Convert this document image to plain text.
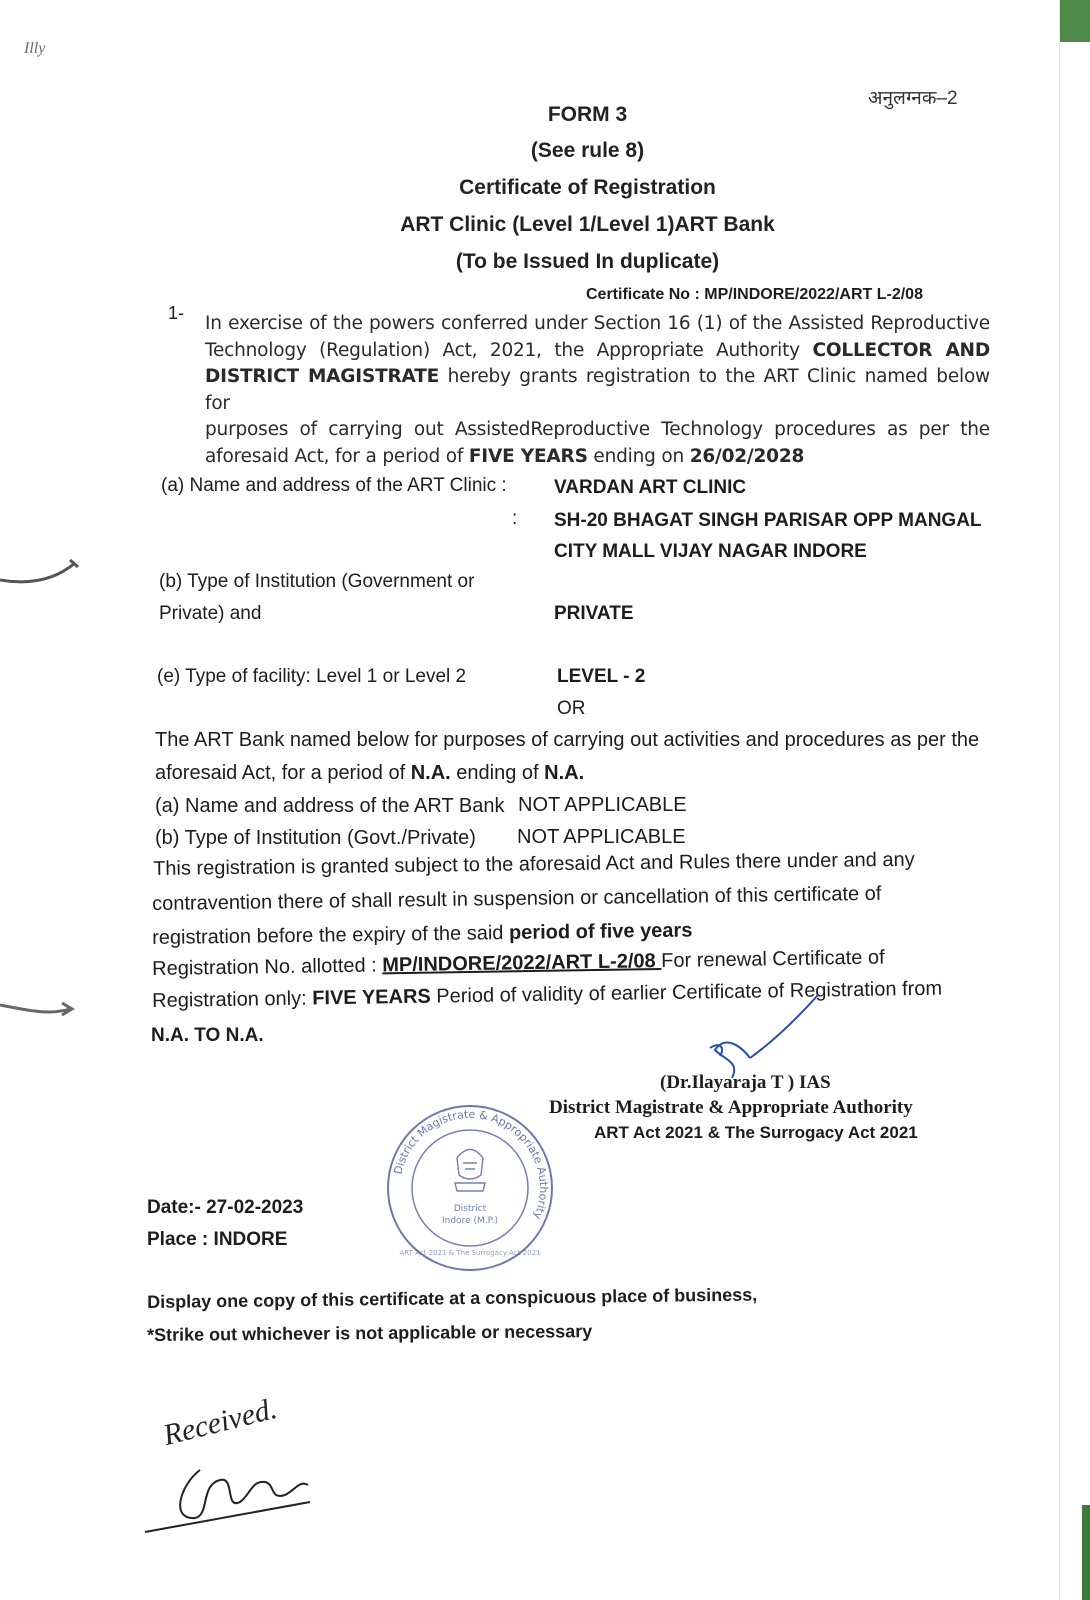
Illy
अनुलग्नक–2
FORM 3
(See rule 8)
Certificate of Registration
ART Clinic (Level 1/Level 1)ART Bank
(To be Issued In duplicate)
Certificate No : MP/INDORE/2022/ART L-2/08
1- In exercise of the powers conferred under Section 16 (1) of the Assisted Reproductive
Technology (Regulation) Act, 2021, the Appropriate Authority COLLECTOR AND
DISTRICT MAGISTRATE hereby grants registration to the ART Clinic named below for
purposes of carrying out AssistedReproductive Technology procedures as per the
aforesaid Act, for a period of FIVE YEARS ending on 26/02/2028
(a) Name and address of the ART Clinic : VARDAN ART CLINIC
: SH-20 BHAGAT SINGH PARISAR OPP MANGAL
CITY MALL VIJAY NAGAR INDORE
(b) Type of Institution (Government or
Private) and	PRIVATE
(e) Type of facility: Level 1 or Level 2	LEVEL - 2
OR
The ART Bank named below for purposes of carrying out activities and procedures as per the
aforesaid Act, for a period of N.A. ending of N.A.
(a) Name and address of the ART Bank NOT APPLICABLE
(b) Type of Institution (Govt./Private) NOT APPLICABLE
This registration is granted subject to the aforesaid Act and Rules there under and any
contravention there of shall result in suspension or cancellation of this certificate of
registration before the expiry of the said period of five years
Registration No. allotted : MP/INDORE/2022/ART L-2/08 For renewal Certificate of
Registration only: FIVE YEARS Period of validity of earlier Certificate of Registration from
N.A. TO N.A.
(Dr.Ilayaraja T ) IAS
District Magistrate & Appropriate Authority
ART Act 2021 & The Surrogacy Act 2021
District Magistrate & Appropriate Authority
District
Indore (M.P.)
ART Act 2021 & The Surrogacy Act 2021
Date:- 27-02-2023
Place : INDORE
Display one copy of this certificate at a conspicuous place of business,
*Strike out whichever is not applicable or necessary
Received.
